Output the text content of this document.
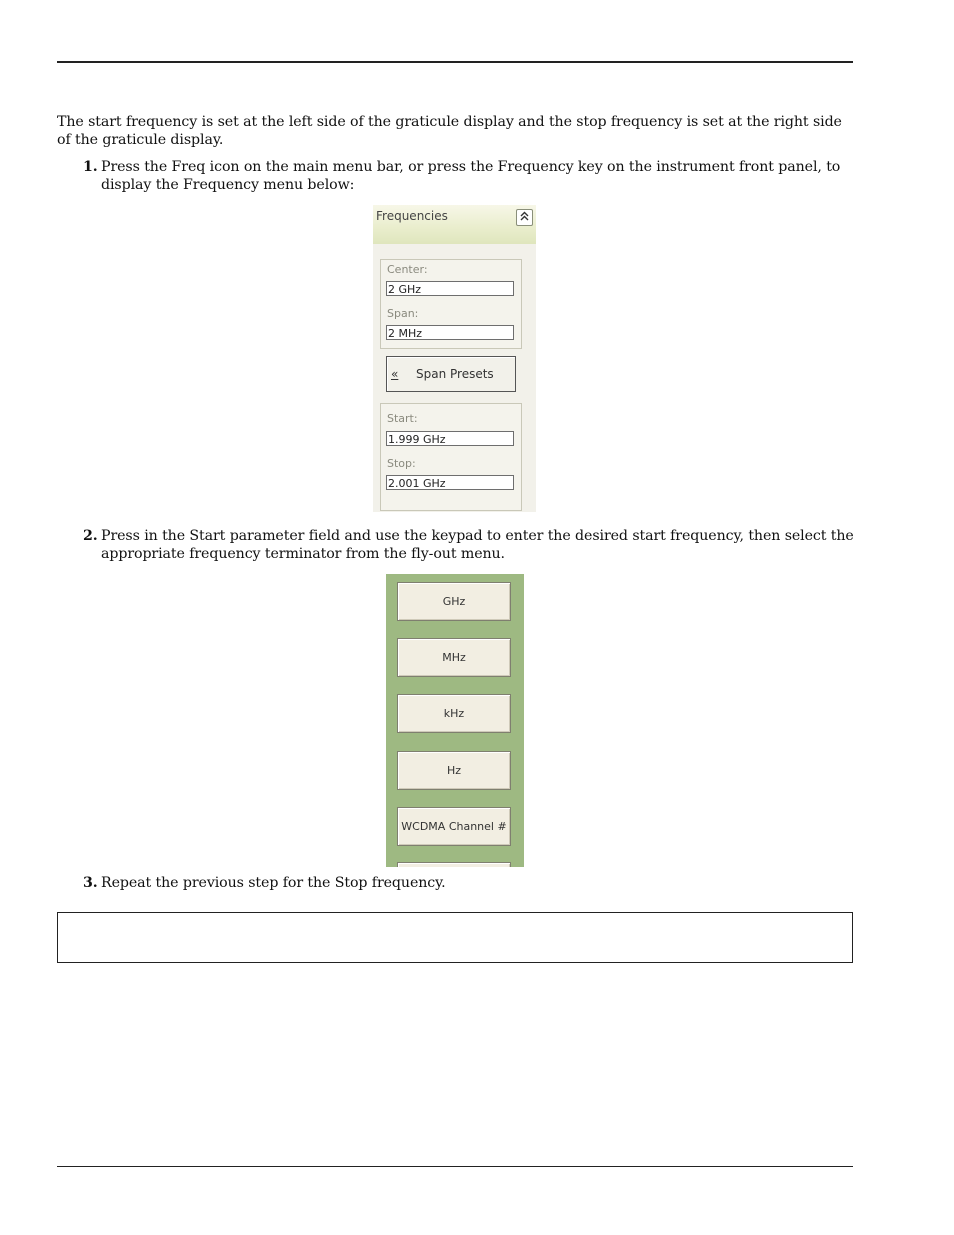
The start frequency is set at the left side of the graticule display and the stop frequency is set at the right side of the graticule display.

1. Press the Freq icon on the main menu bar, or press the Frequency key on the instrument front panel, to display the Frequency menu below:
Frequencies
Center:
2 GHz
Span:
2 MHz
« Span Presets
Start:
1.999 GHz
Stop:
2.001 GHz
2. Press in the Start parameter field and use the keypad to enter the desired start frequency, then select the appropriate frequency terminator from the fly-out menu.
GHz
MHz
kHz
Hz
WCDMA Channel #
3. Repeat the previous step for the Stop frequency.
